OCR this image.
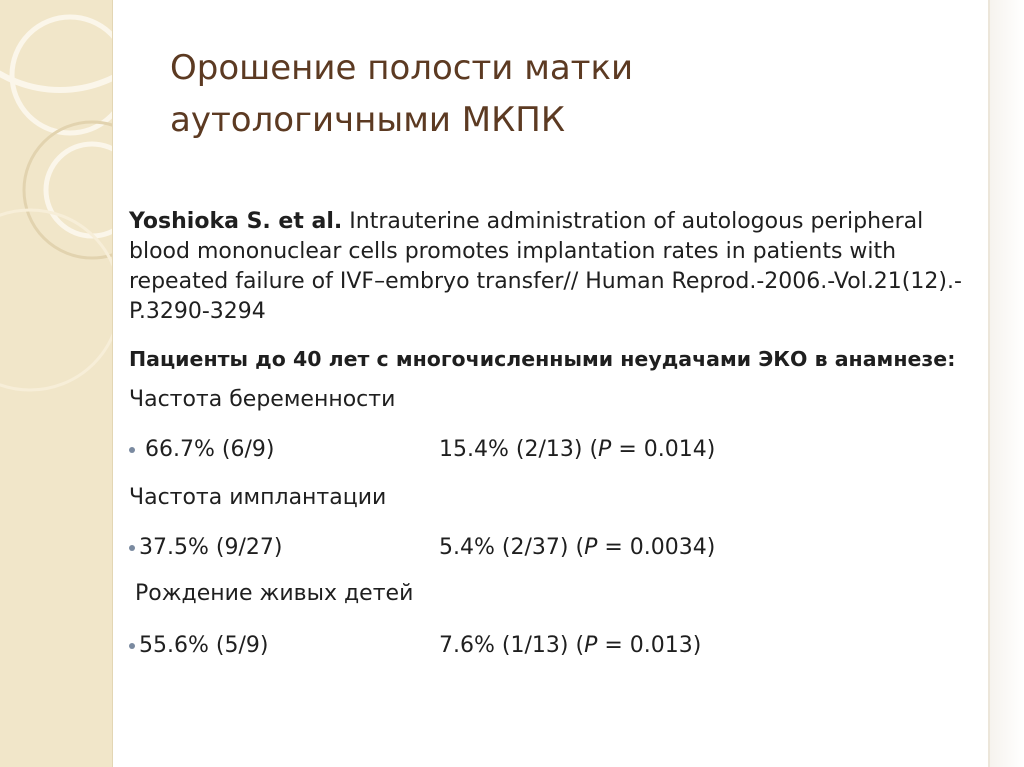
Орошение полости матки
аутологичными МКПК

Yoshioka S. et al. Intrauterine administration of autologous peripheral blood mononuclear cells promotes implantation rates in patients with repeated failure of IVF–embryo transfer// Human Reprod.-2006.-Vol.21(12).-P.3290-3294

Пациенты до 40 лет с многочисленными неудачами ЭКО в анамнезе:

Частота беременности

66.7% (6/9)	15.4% (2/13) (P = 0.014)

Частота имплантации

37.5% (9/27)	5.4% (2/37) (P = 0.0034)

Рождение живых детей

55.6% (5/9)	7.6% (1/13) (P = 0.013)
